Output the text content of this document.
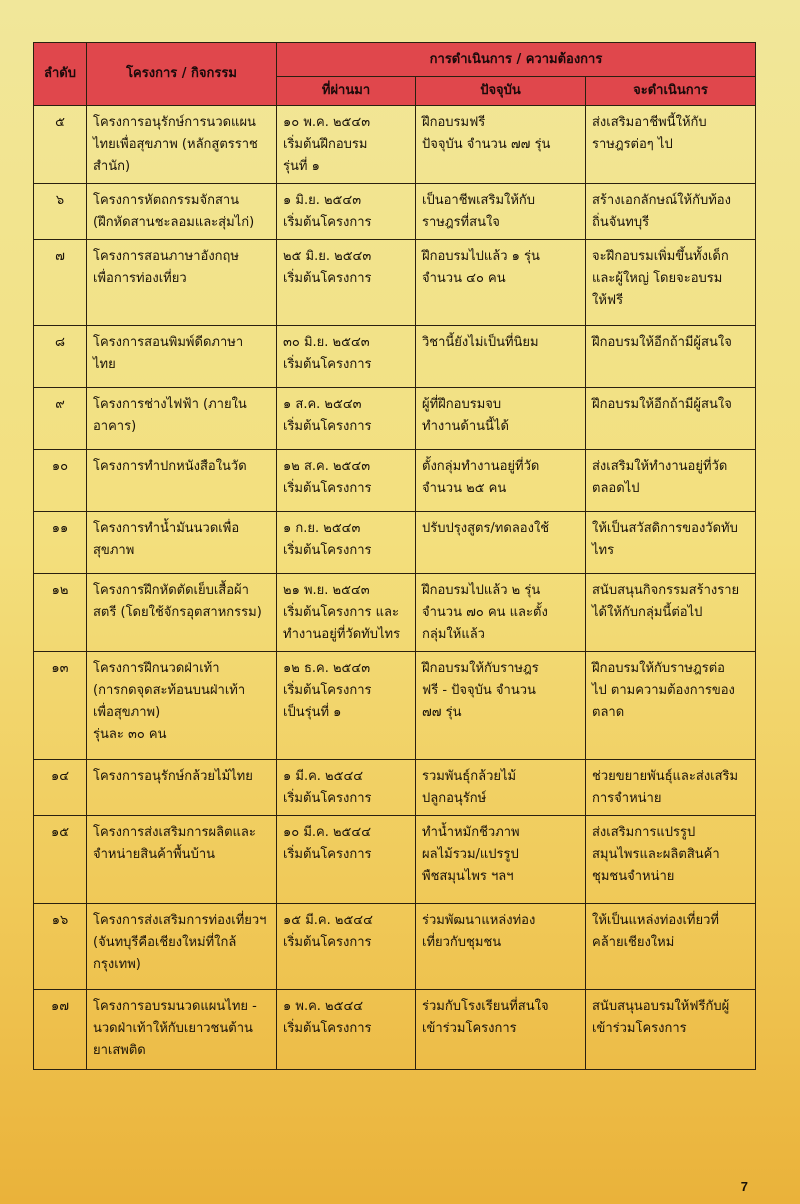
ลำดับ	โครงการ / กิจกรรม	การดำเนินการ / ความต้องการ		
		ที่ผ่านมา	ปัจจุบัน	จะดำเนินการ
๕	โครงการอนุรักษ์การนวดแผน
ไทยเพื่อสุขภาพ (หลักสูตรราช
สำนัก)	๑๐ พ.ค. ๒๕๔๓
เริ่มต้นฝึกอบรม
รุ่นที่ ๑	ฝึกอบรมฟรี
ปัจจุบัน จำนวน ๗๗ รุ่น	ส่งเสริมอาชีพนี้ให้กับ
ราษฎรต่อๆ ไป

๖	โครงการหัตถกรรมจักสาน
(ฝึกหัดสานชะลอมและสุ่มไก่)	๑ มิ.ย. ๒๕๔๓
เริ่มต้นโครงการ	เป็นอาชีพเสริมให้กับ
ราษฎรที่สนใจ	สร้างเอกลักษณ์ให้กับท้อง
ถิ่นจันทบุรี

๗	โครงการสอนภาษาอังกฤษ
เพื่อการท่องเที่ยว	๒๕ มิ.ย. ๒๕๔๓
เริ่มต้นโครงการ	ฝึกอบรมไปแล้ว ๑ รุ่น
จำนวน ๔๐ คน	จะฝึกอบรมเพิ่มขึ้นทั้งเด็ก
และผู้ใหญ่ โดยจะอบรม
ให้ฟรี

๘	โครงการสอนพิมพ์ดีดภาษา
ไทย	๓๐ มิ.ย. ๒๕๔๓
เริ่มต้นโครงการ	วิชานี้ยังไม่เป็นที่นิยม	ฝึกอบรมให้อีกถ้ามีผู้สนใจ

๙	โครงการช่างไฟฟ้า (ภายใน
อาคาร)	๑ ส.ค. ๒๕๔๓
เริ่มต้นโครงการ	ผู้ที่ฝึกอบรมจบ
ทำงานด้านนี้ได้	ฝึกอบรมให้อีกถ้ามีผู้สนใจ

๑๐	โครงการทำปกหนังสือในวัด	๑๒ ส.ค. ๒๕๔๓
เริ่มต้นโครงการ	ตั้งกลุ่มทำงานอยู่ที่วัด
จำนวน ๒๕ คน	ส่งเสริมให้ทำงานอยู่ที่วัด
ตลอดไป

๑๑	โครงการทำน้ำมันนวดเพื่อ
สุขภาพ	๑ ก.ย. ๒๕๔๓
เริ่มต้นโครงการ	ปรับปรุงสูตร/ทดลองใช้	ให้เป็นสวัสดิการของวัดทับ
ไทร

๑๒	โครงการฝึกหัดตัดเย็บเสื้อผ้า
สตรี (โดยใช้จักรอุตสาหกรรม)	๒๑ พ.ย. ๒๕๔๓
เริ่มต้นโครงการ และ
ทำงานอยู่ที่วัดทับไทร	ฝึกอบรมไปแล้ว ๒ รุ่น
จำนวน ๗๐ คน และตั้ง
กลุ่มให้แล้ว	สนับสนุนกิจกรรมสร้างราย
ได้ให้กับกลุ่มนี้ต่อไป

๑๓	โครงการฝึกนวดฝ่าเท้า
(การกดจุดสะท้อนบนฝ่าเท้า
เพื่อสุขภาพ)
รุ่นละ ๓๐ คน	๑๒ ธ.ค. ๒๕๔๓
เริ่มต้นโครงการ
เป็นรุ่นที่ ๑	ฝึกอบรมให้กับราษฎร
ฟรี - ปัจจุบัน จำนวน
๗๗ รุ่น	ฝึกอบรมให้กับราษฎรต่อ
ไป ตามความต้องการของ
ตลาด

๑๔	โครงการอนุรักษ์กล้วยไม้ไทย	๑ มี.ค. ๒๕๔๔
เริ่มต้นโครงการ	รวมพันธุ์กล้วยไม้
ปลูกอนุรักษ์	ช่วยขยายพันธุ์และส่งเสริม
การจำหน่าย

๑๕	โครงการส่งเสริมการผลิตและ
จำหน่ายสินค้าพื้นบ้าน	๑๐ มี.ค. ๒๕๔๔
เริ่มต้นโครงการ	ทำน้ำหมักชีวภาพ
ผลไม้รวม/แปรรูป
พืชสมุนไพร ฯลฯ	ส่งเสริมการแปรรูป
สมุนไพรและผลิตสินค้า
ชุมชนจำหน่าย

๑๖	โครงการส่งเสริมการท่องเที่ยวฯ
(จันทบุรีคือเชียงใหม่ที่ใกล้
กรุงเทพ)	๑๕ มี.ค. ๒๕๔๔
เริ่มต้นโครงการ	ร่วมพัฒนาแหล่งท่อง
เที่ยวกับชุมชน	ให้เป็นแหล่งท่องเที่ยวที่
คล้ายเชียงใหม่

๑๗	โครงการอบรมนวดแผนไทย -
นวดฝ่าเท้าให้กับเยาวชนต้าน
ยาเสพติด	๑ พ.ค. ๒๕๔๔
เริ่มต้นโครงการ	ร่วมกับโรงเรียนที่สนใจ
เข้าร่วมโครงการ	สนับสนุนอบรมให้ฟรีกับผู้
เข้าร่วมโครงการ
7
